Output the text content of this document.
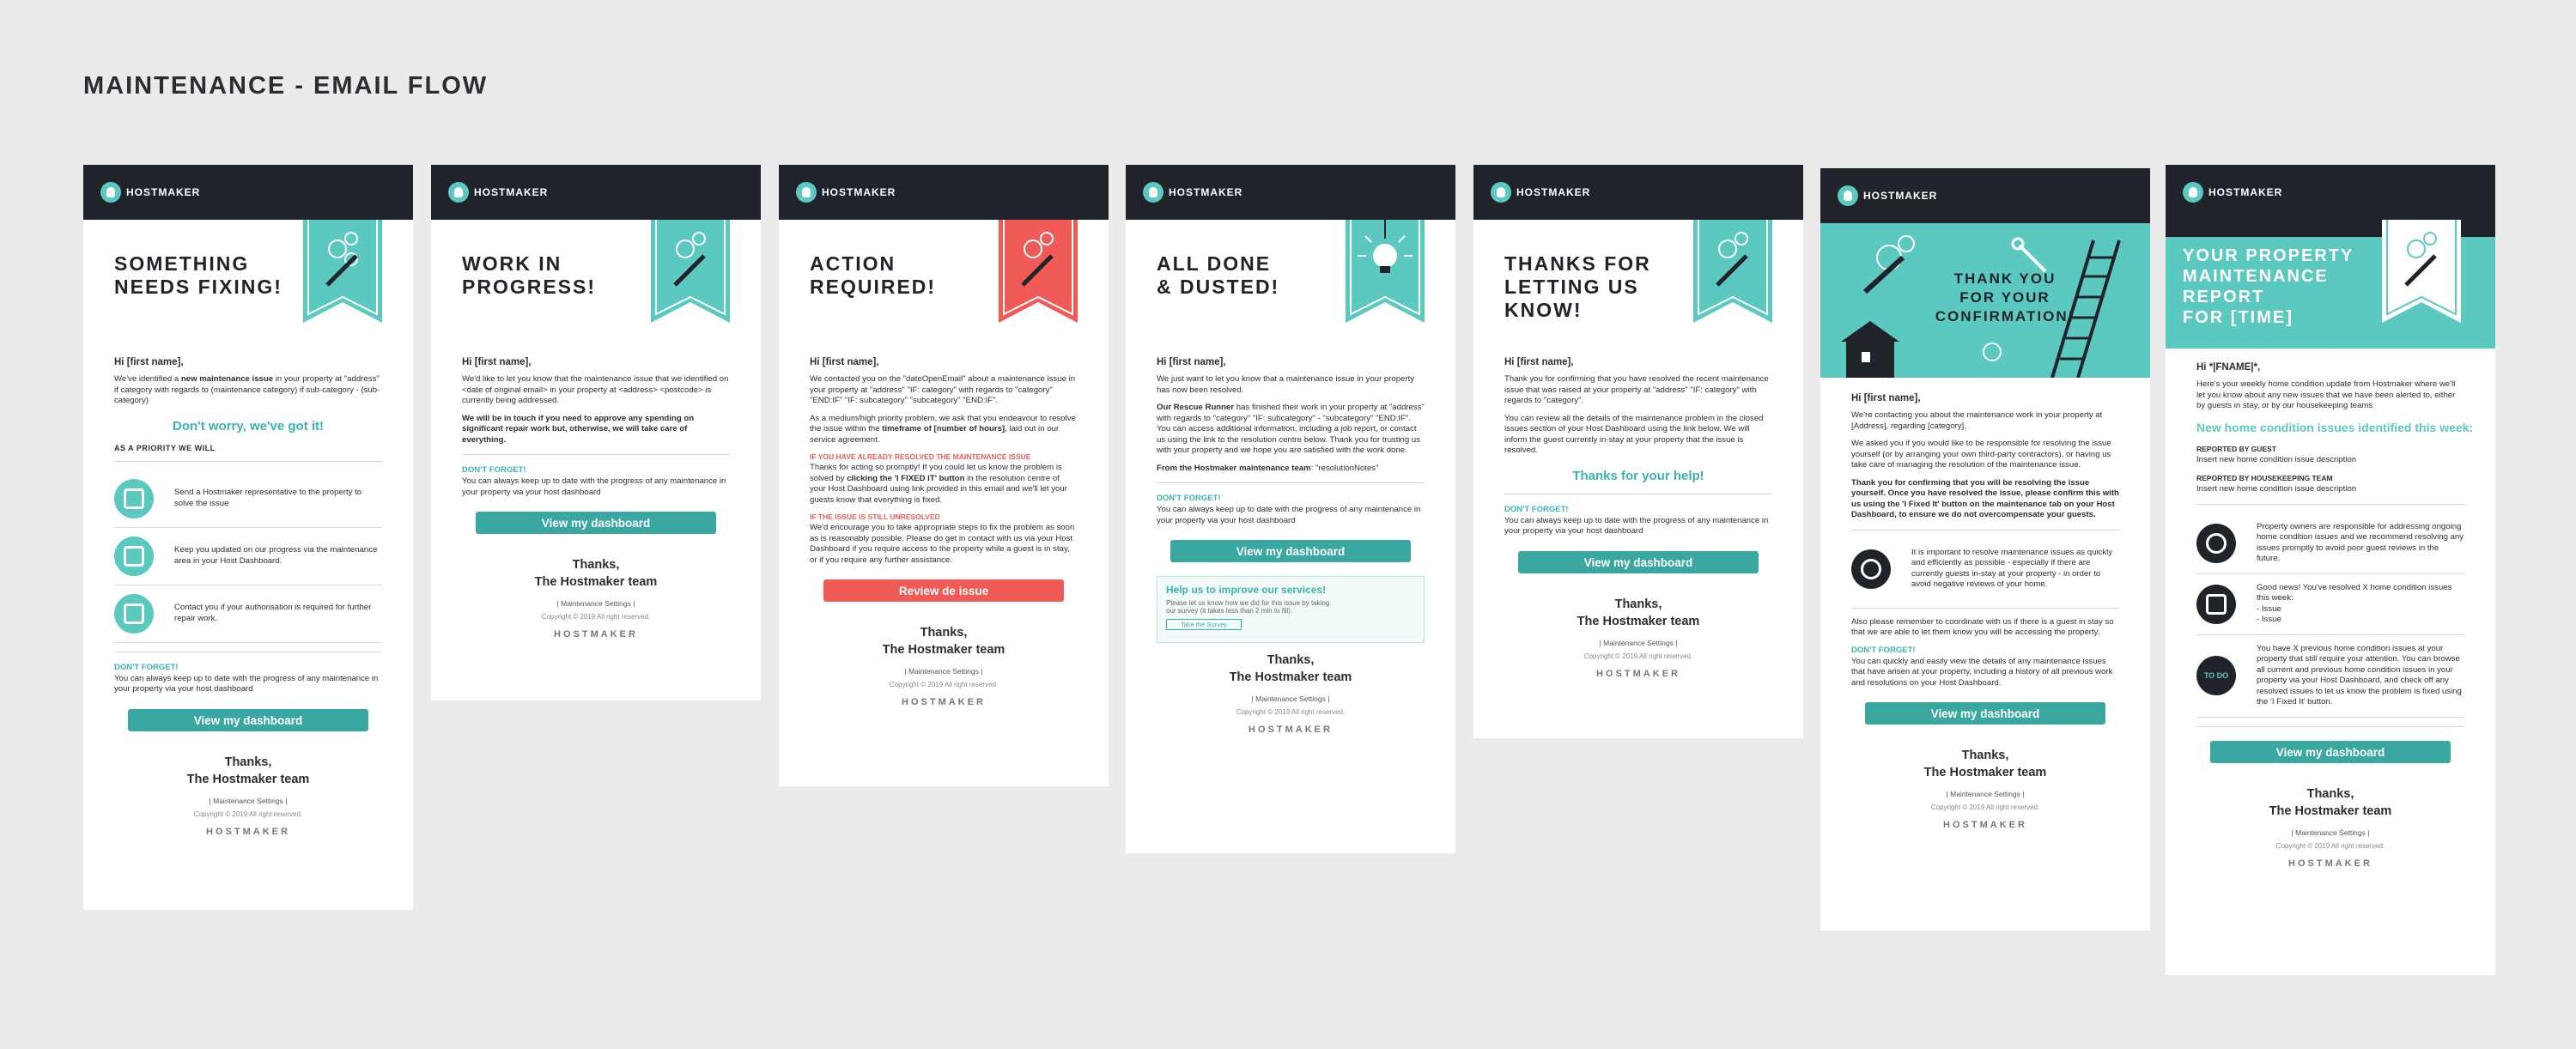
MAINTENANCE - EMAIL FLOW
HOSTMAKER
SOMETHING
NEEDS FIXING!

Hi [first name],

We've identified a new maintenance issue in your property at "address" if category with regards to (maintenance category) if sub-category - (sub-category)

Don't worry, we've got it!
AS A PRIORITY WE WILL
Send a Hostmaker representative to the property to solve the issue
Keep you updated on our progress via the maintenance area in your Host Dashboard.
Contact you if your authorisation is required for further repair work.
DON'T FORGET!

You can always keep up to date with the progress of any maintenance in your property via your host dashboard

View my dashboard
Thanks,
The Hostmaker team
| Maintenance Settings |
Copyright © 2019 All right reserved.
HOSTMAKER
HOSTMAKER
WORK IN
PROGRESS!

Hi [first name],

We'd like to let you know that the maintenance issue that we identified on <date of original email> in your property at <address> <postcode> is currently being addressed.

We will be in touch if you need to approve any spending on significant repair work but, otherwise, we will take care of everything.

DON'T FORGET!

You can always keep up to date with the progress of any maintenance in your property via your host dashboard

View my dashboard
Thanks,
The Hostmaker team
| Maintenance Settings |
Copyright © 2019 All right reserved.
HOSTMAKER
HOSTMAKER
ACTION
REQUIRED!

Hi [first name],

We contacted you on the "dateOpenEmail" about a maintenance issue in your property at "address" "IF: category" with regards to "category" "END:IF" "IF: subcategory" "subcategory" "END:IF".

As a medium/high priority problem, we ask that you endeavour to resolve the issue within the timeframe of [number of hours], laid out in our service agreement.

IF YOU HAVE ALREADY RESOLVED THE MAINTENANCE ISSUE

Thanks for acting so promptly! If you could let us know the problem is solved by clicking the 'I FIXED IT' button in the resolution centre of your Host Dashboard using link provided in this email and we'll let your guests know that everything is fixed.

IF THE ISSUE IS STILL UNRESOLVED

We'd encourage you to take appropriate steps to fix the problem as soon as is reasonably possible. Please do get in contact with us via your Host Dashboard if you require access to the property while a guest is in stay, or if you require any further assistance.

Review de issue
Thanks,
The Hostmaker team
| Maintenance Settings |
Copyright © 2019 All right reserved.
HOSTMAKER
HOSTMAKER
ALL DONE
& DUSTED!

Hi [first name],

We just want to let you know that a maintenance issue in your property has now been resolved.

Our Rescue Runner has finished their work in your property at "address" with regards to "category" "IF: subcategory" - "subcategory" "END:IF". You can access additional information, including a job report, or contact us using the link to the resolution centre below. Thank you for trusting us with your property and we hope you are satisfied with the work done.

From the Hostmaker maintenance team: "resolutionNotes"

DON'T FORGET!

You can always keep up to date with the progress of any maintenance in your property via your host dashboard

View my dashboard
Help us to improve our services!
Please let us know how we did for this issue by taking our survey (it takes less than 2 min to fill).
Take the Survey
Thanks,
The Hostmaker team
| Maintenance Settings |
Copyright © 2019 All right reserved.
HOSTMAKER
HOSTMAKER
THANKS FOR
LETTING US
KNOW!

Hi [first name],

Thank you for confirming that you have resolved the recent maintenance issue that was raised at your property at "address" "IF: category" with regards to "category".

You can review all the details of the maintenance problem in the closed issues section of your Host Dashboard using the link below. We will inform the guest currently in-stay at your property that the issue is resolved.

Thanks for your help!
DON'T FORGET!

You can always keep up to date with the progress of any maintenance in your property via your host dashboard

View my dashboard
Thanks,
The Hostmaker team
| Maintenance Settings |
Copyright © 2019 All right reserved.
HOSTMAKER
HOSTMAKER
THANK YOU
FOR YOUR
CONFIRMATION!

Hi [first name],

We're contacting you about the maintenance work in your property at [Address], regarding [category].

We asked you if you would like to be responsible for resolving the issue yourself (or by arranging your own third-party contractors), or having us take care of managing the resolution of the maintenance issue.

Thank you for confirming that you will be resolving the issue yourself. Once you have resolved the issue, please confirm this with us using the 'I Fixed It' button on the maintenance tab on your Host Dashboard, to ensure we do not overcompensate your guests.

It is important to resolve maintenance issues as quickly and efficiently as possible - especially if there are currently guests in-stay at your property - in order to avoid negative reviews of your home.

Also please remember to coordinate with us if there is a guest in stay so that we are able to let them know you will be accessing the property.

DON'T FORGET!

You can quickly and easily view the details of any maintenance issues that have arisen at your property, including a history of all previous work and resolutions on your Host Dashboard.

View my dashboard
Thanks,
The Hostmaker team
| Maintenance Settings |
Copyright © 2019 All right reserved.
HOSTMAKER
HOSTMAKER
YOUR PROPERTY
MAINTENANCE
REPORT
FOR [TIME]

Hi *|FNAME|*,

Here's your weekly home condition update from Hostmaker where we'll let you know about any new issues that we have been alerted to, either by guests in stay, or by our housekeeping teams

New home condition issues identified this week:
REPORTED BY GUEST

Insert new home condition issue description

REPORTED BY HOUSEKEEPING TEAM

Insert new home condition issue description

Property owners are responsible for addressing ongoing home condition issues and we recommend resolving any issues promptly to avoid poor guest reviews in the future.
Good news! You've resolved X home condition issues this week:
- Issue
- Issue
TO DO
You have X previous home condition issues at your property that still require your attention. You can browse all current and previous home condition issues in your property via your Host Dashboard, and check off any resolved issues to let us know the problem is fixed using the 'I Fixed It' button.
View my dashboard
Thanks,
The Hostmaker team
| Maintenance Settings |
Copyright © 2019 All right reserved.
HOSTMAKER
